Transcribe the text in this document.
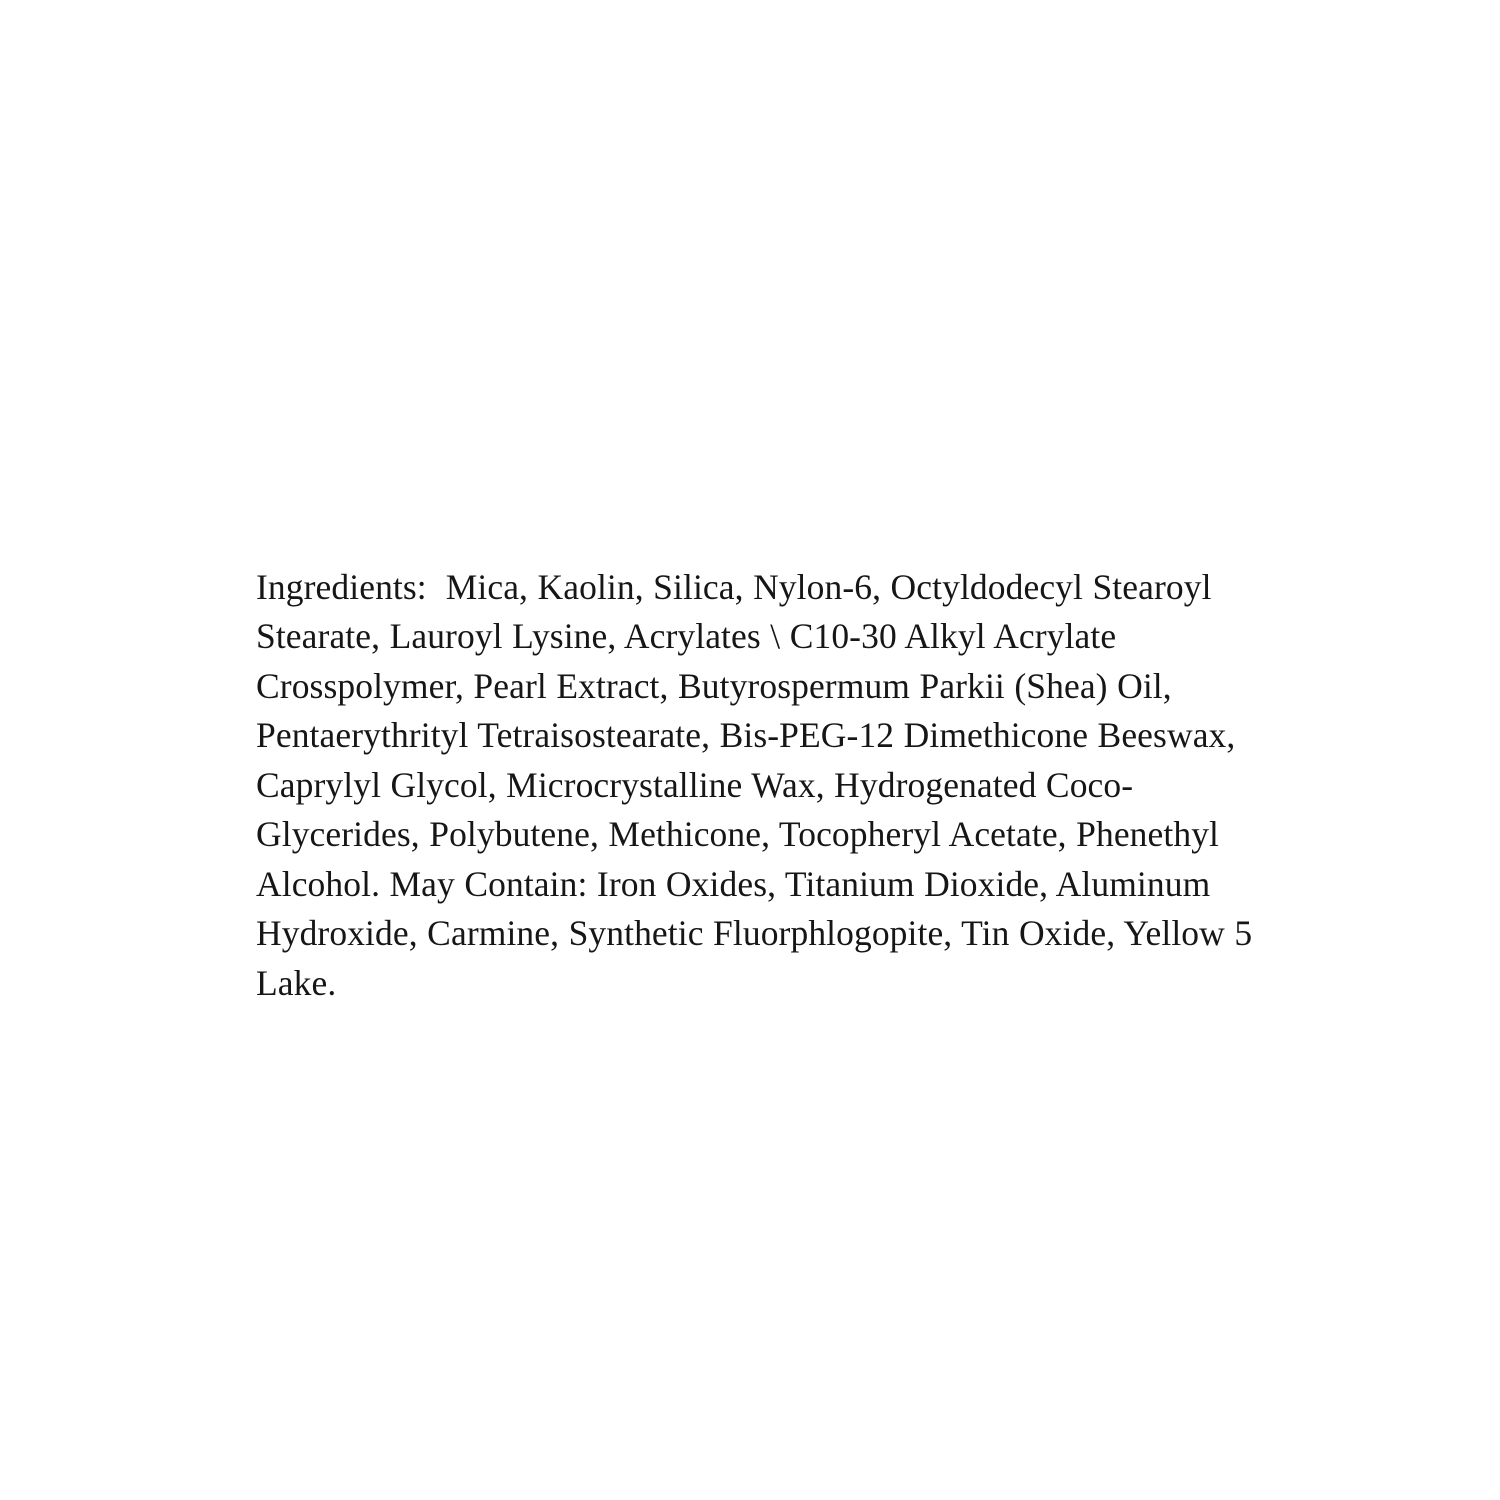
Ingredients:  Mica, Kaolin, Silica, Nylon-6, Octyldodecyl Stearoyl Stearate, Lauroyl Lysine, Acrylates \ C10-30 Alkyl Acrylate Crosspolymer, Pearl Extract, Butyrospermum Parkii (Shea) Oil, Pentaerythrityl Tetraisostearate, Bis-PEG-12 Dimethicone Beeswax, Caprylyl Glycol, Microcrystalline Wax, Hydrogenated Coco-Glycerides, Polybutene, Methicone, Tocopheryl Acetate, Phenethyl Alcohol. May Contain: Iron Oxides, Titanium Dioxide, Aluminum Hydroxide, Carmine, Synthetic Fluorphlogopite, Tin Oxide, Yellow 5 Lake.
